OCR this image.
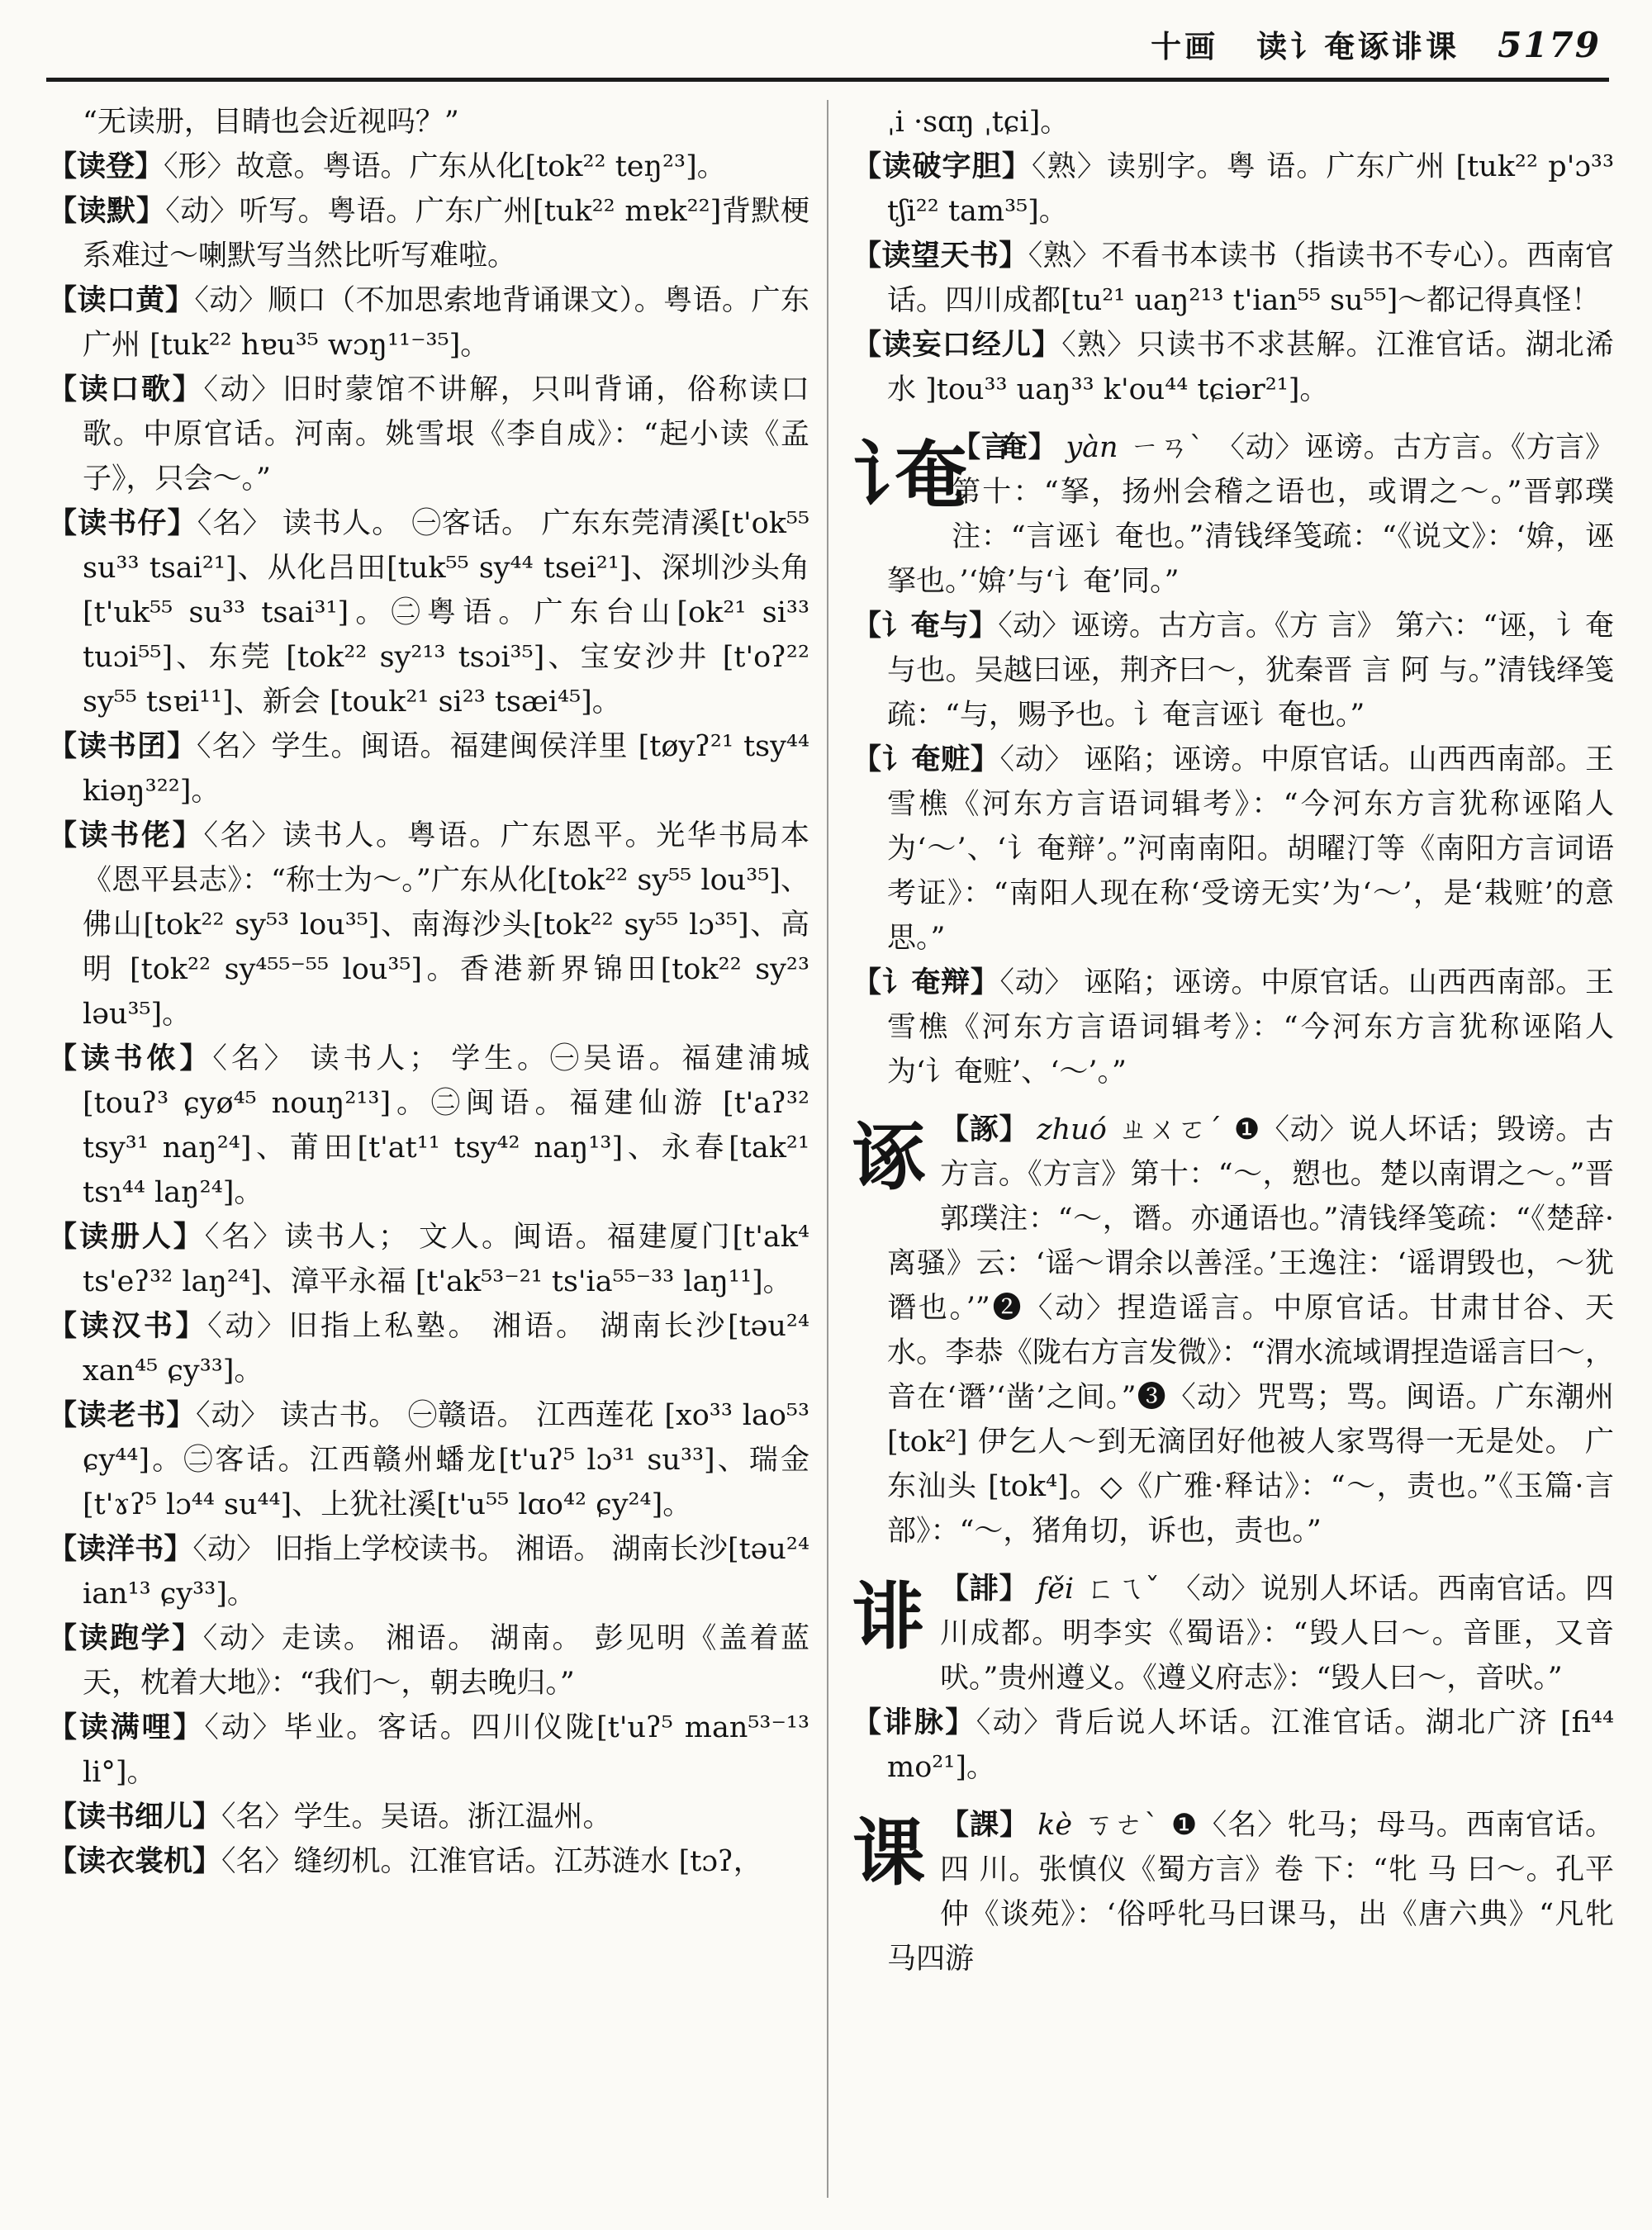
十画 读讠奄诼诽课 5179
“无读册，目睛也会近视吗？”
【读登】〈形〉故意。粤语。广东从化[tok²² teŋ²³]。
【读默】〈动〉听写。粤语。广东广州[tuk²² mɐk²²]背默梗系难过～喇默写当然比听写难啦。
【读口黄】〈动〉顺口（不加思索地背诵课文）。粤语。广东广州 [tuk²² hɐu³⁵ wɔŋ¹¹⁻³⁵]。
【读口歌】〈动〉旧时蒙馆不讲解，只叫背诵，俗称读口歌。中原官话。河南。姚雪垠《李自成》：“起小读《孟子》，只会～。”
【读书仔】〈名〉 读书人。 ㊀客话。 广东东莞清溪[t'ok⁵⁵ su³³ tsai²¹]、从化吕田[tuk⁵⁵ sy⁴⁴ tsei²¹]、深圳沙头角 [t'uk⁵⁵ su³³ tsai³¹]。㊁粤语。广东台山[ok²¹ si³³ tuɔi⁵⁵]、东莞 [tok²² sy²¹³ tsɔi³⁵]、宝安沙井 [t'oʔ²² sy⁵⁵ tsɐi¹¹]、新会 [touk²¹ si²³ tsæi⁴⁵]。
【读书囝】〈名〉学生。闽语。福建闽侯洋里 [tøyʔ²¹ tsy⁴⁴ kiəŋ³²²]。
【读书佬】〈名〉读书人。粤语。广东恩平。光华书局本《恩平县志》：“称士为～。”广东从化[tok²² sy⁵⁵ lou³⁵]、佛山[tok²² sy⁵³ lou³⁵]、南海沙头[tok²² sy⁵⁵ lɔ³⁵]、高明 [tok²² sy⁴⁵⁵⁻⁵⁵ lou³⁵]。香港新界锦田[tok²² sy²³ ləu³⁵]。
【读书侬】〈名〉 读书人； 学生。㊀吴语。福建浦城 [touʔ³ ɕyø⁴⁵ nouŋ²¹³]。㊁闽语。福建仙游 [t'aʔ³² tsy³¹ naŋ²⁴]、莆田[t'at¹¹ tsy⁴² naŋ¹³]、永春[tak²¹ tsɿ⁴⁴ laŋ²⁴]。
【读册人】〈名〉读书人； 文人。闽语。福建厦门[t'ak⁴ ts'eʔ³² laŋ²⁴]、漳平永福 [t'ak⁵³⁻²¹ ts'ia⁵⁵⁻³³ laŋ¹¹]。
【读汉书】〈动〉旧指上私塾。 湘语。 湖南长沙[təu²⁴ xan⁴⁵ ɕy³³]。
【读老书】〈动〉 读古书。 ㊀赣语。 江西莲花 [xo³³ lao⁵³ ɕy⁴⁴]。㊁客话。江西赣州蟠龙[t'uʔ⁵ lɔ³¹ su³³]、瑞金[t'ɤʔ⁵ lɔ⁴⁴ su⁴⁴]、上犹社溪[t'u⁵⁵ lɑo⁴² ɕy²⁴]。
【读洋书】〈动〉 旧指上学校读书。 湘语。 湖南长沙[təu²⁴ ian¹³ ɕy³³]。
【读跑学】〈动〉走读。 湘语。 湖南。 彭见明《盖着蓝天，枕着大地》：“我们～，朝去晚归。”
【读满哩】〈动〉毕业。客话。四川仪陇[t'uʔ⁵ man⁵³⁻¹³ li°]。
【读书细儿】〈名〉学生。吴语。浙江温州。
【读衣裳机】〈名〉缝纫机。江淮官话。江苏涟水 [tɔʔ，
ˌi ·sɑŋ ˌtɕi]。
【读破字胆】〈熟〉读别字。粤 语。广东广州 [tuk²² p'ɔ³³ tʃi²² tam³⁵]。
【读望天书】〈熟〉不看书本读书（指读书不专心）。西南官话。四川成都[tu²¹ uaŋ²¹³ t'ian⁵⁵ su⁵⁵]～都记得真怪！
【读妄口经儿】〈熟〉只读书不求甚解。江淮官话。湖北浠水 ]tou³³ uaŋ³³ k'ou⁴⁴ tɕiər²¹]。
讠奄 【言奄 】 yàn ㄧㄢˋ 〈动〉诬谤。古方言。《方言》第十：“拏，扬州会稽之语也，或谓之～。”晋郭璞注：“言诬讠奄也。”清钱绎笺疏：“《说文》：‘媕，诬拏也。’‘媕’与‘讠奄’同。”
【讠奄与】〈动〉诬谤。古方言。《方 言》 第六：“诬，讠奄与也。吴越曰诬，荆齐曰～，犹秦晋 言 阿 与。”清钱绎笺疏：“与，赐予也。讠奄言诬讠奄也。”
【讠奄赃】〈动〉 诬陷；诬谤。中原官话。山西西南部。王雪樵《河东方言语词辑考》：“今河东方言犹称诬陷人为‘～’、‘讠奄辩’。”河南南阳。胡曜汀等《南阳方言词语考证》：“南阳人现在称‘受谤无实’为‘～’，是‘栽赃’的意思。”
【讠奄辩】〈动〉 诬陷；诬谤。中原官话。山西西南部。王雪樵《河东方言语词辑考》：“今河东方言犹称诬陷人为‘讠奄赃’、‘～’。”
诼 【諑】 zhuó ㄓㄨㄛˊ ❶〈动〉说人坏话；毁谤。古方言。《方言》第十：“～，愬也。楚以南谓之～。”晋郭璞注：“～，谮。亦通语也。”清钱绎笺疏：“《楚辞·离骚》云：‘谣～谓余以善淫。’王逸注：‘谣谓毁也，～犹谮也。’”❷〈动〉捏造谣言。中原官话。甘肃甘谷、天水。李恭《陇右方言发微》：“渭水流域谓捏造谣言曰～，音在‘谮’‘凿’之间。”❸〈动〉咒骂；骂。闽语。广东潮州 [tok²] 伊乞人～到无滴囝好他被人家骂得一无是处。 广东汕头 [tok⁴]。◇《广雅·释诂》：“～，责也。”《玉篇·言部》：“～，猪角切，诉也，责也。”
诽 【誹】 fěi ㄈㄟˇ 〈动〉说别人坏话。西南官话。四川成都。明李实《蜀语》：“毁人曰～。音匪，又音吠。”贵州遵义。《遵义府志》：“毁人曰～，音吠。”
【诽脉】〈动〉背后说人坏话。江淮官话。湖北广济 [fi⁴⁴ mo²¹]。
课 【課】 kè ㄎㄜˋ ❶〈名〉牝马；母马。西南官话。四 川。张慎仪《蜀方言》卷 下：“牝 马 曰～。孔平仲《谈苑》：‘俗呼牝马曰课马，出《唐六典》“凡牝马四游
